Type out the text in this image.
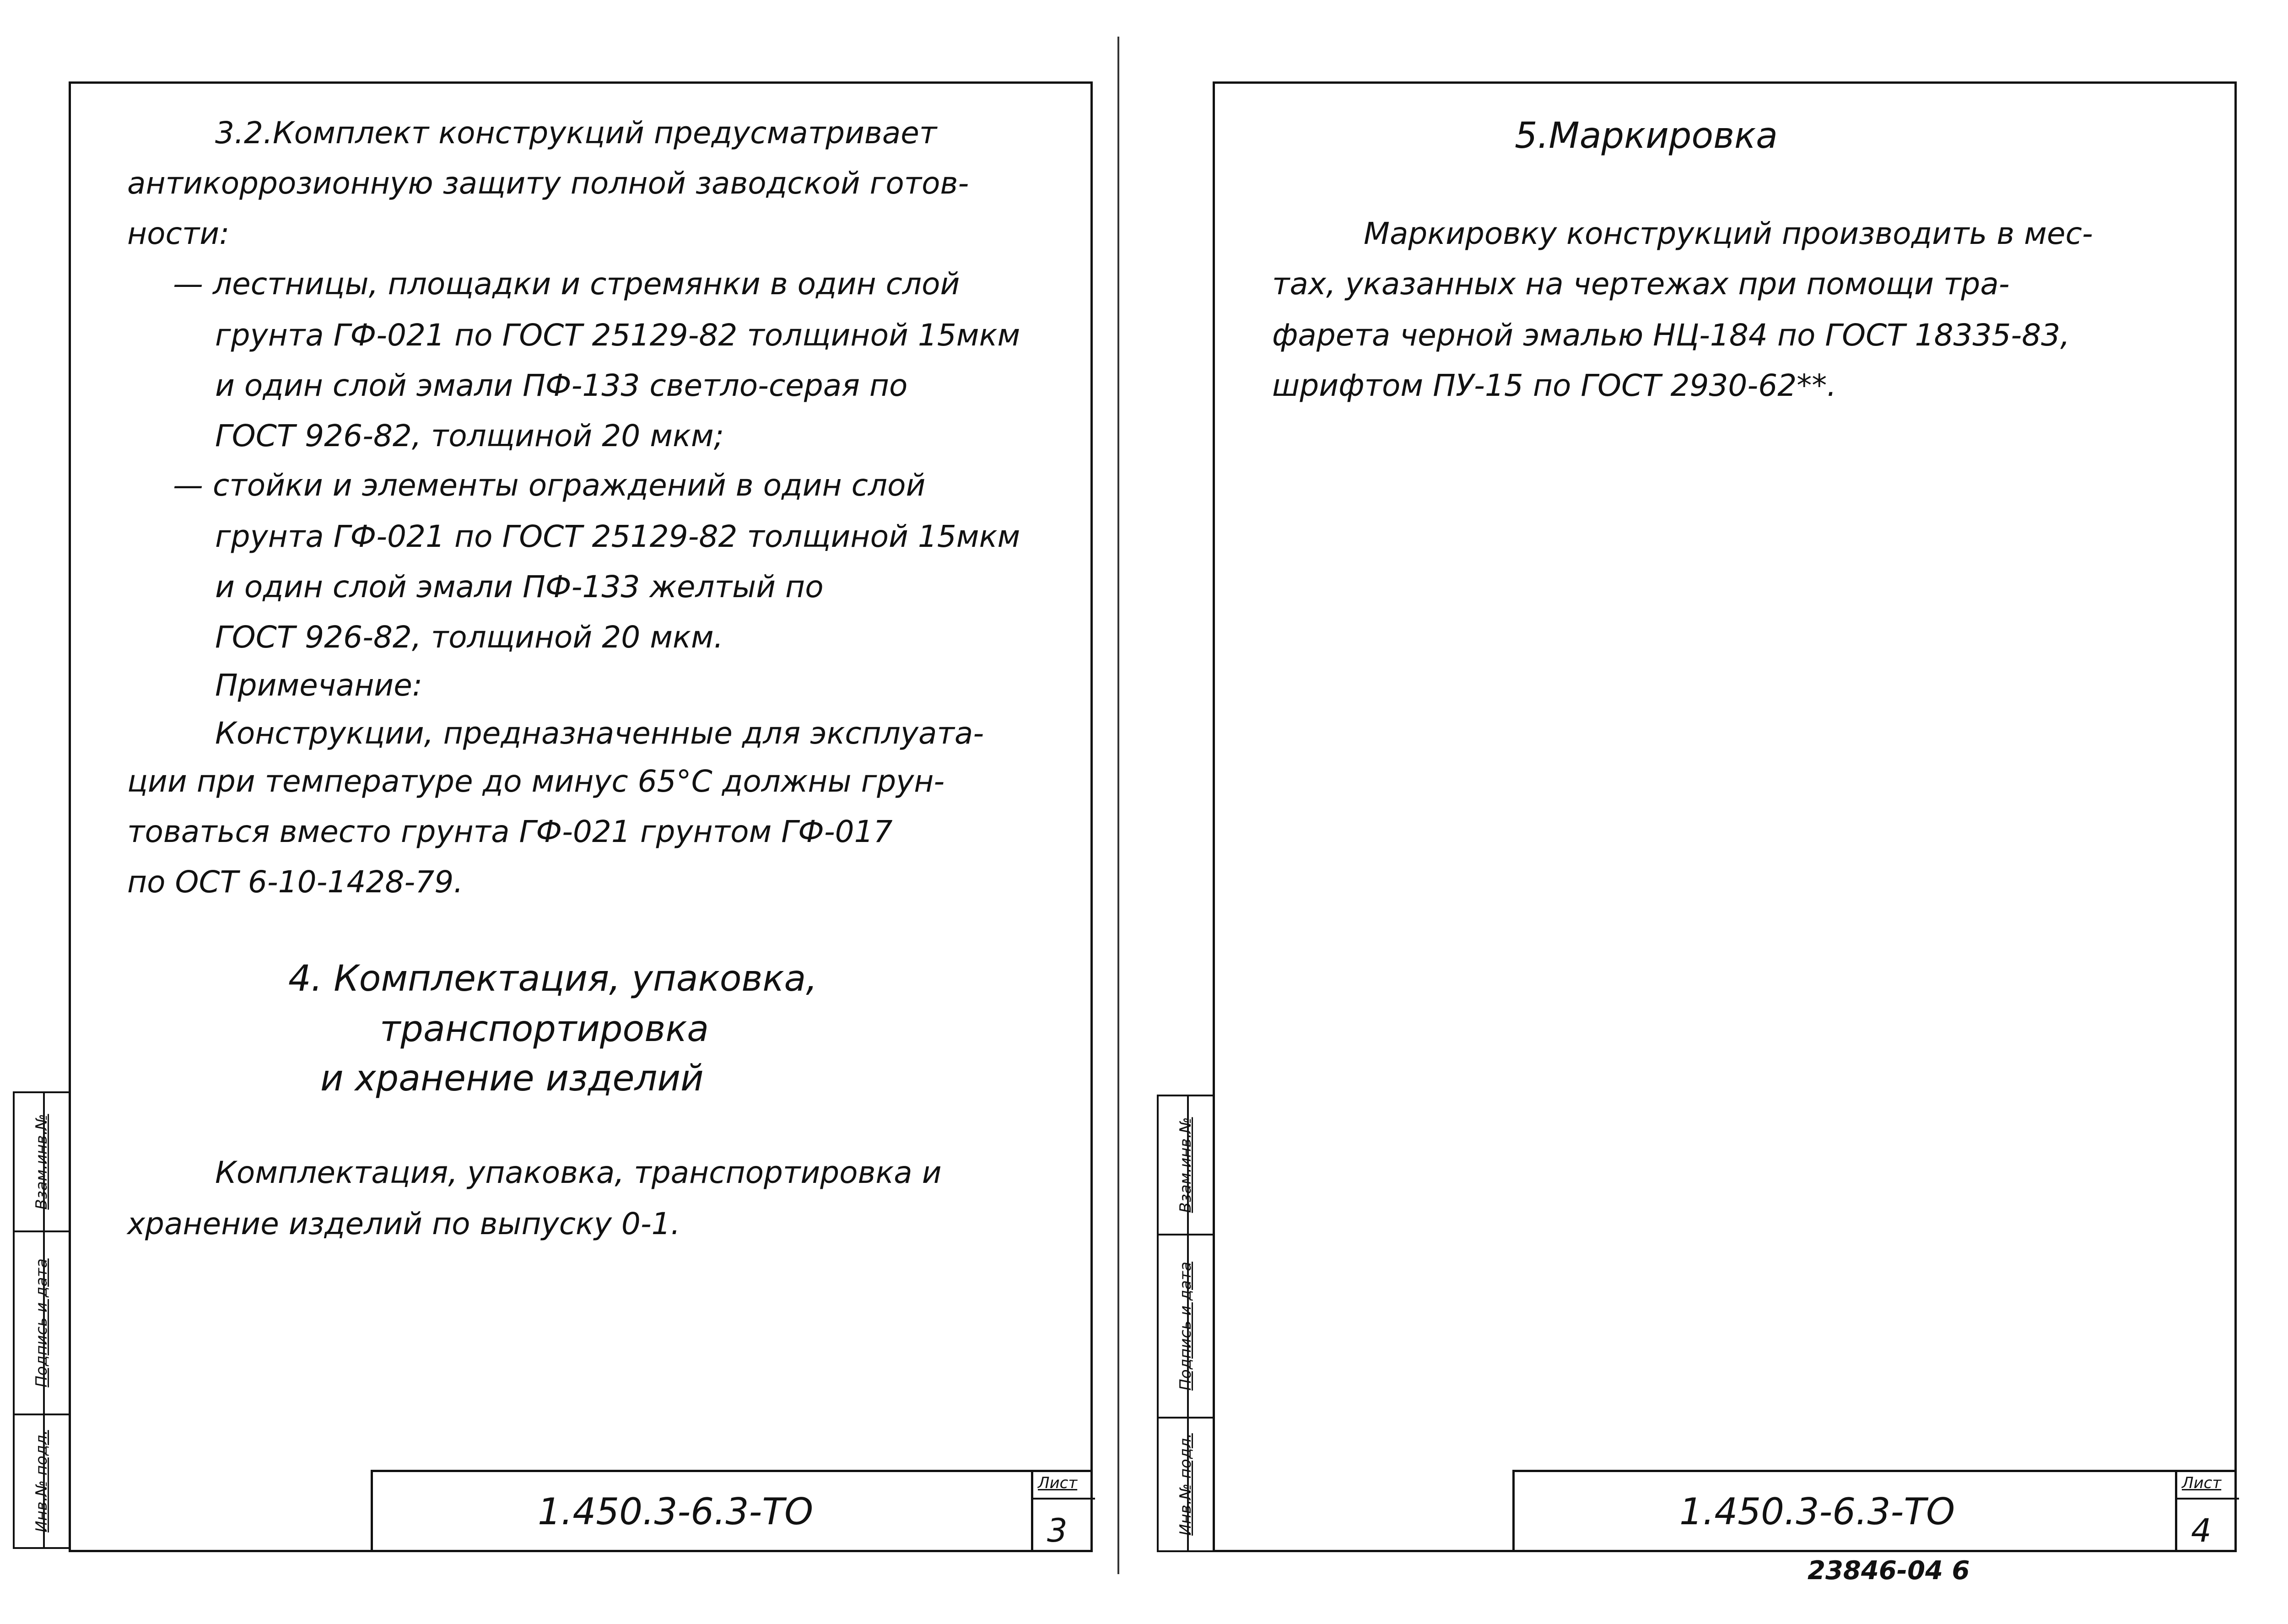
3.2.Комплект конструкций предусматривает
антикоррозионную защиту полной заводской готов-
ности:
— лестницы, площадки и стремянки в один слой
грунта ГФ-021 по ГОСТ 25129-82 толщиной 15мкм
и один слой эмали ПФ-133 светло-серая по
ГОСТ 926-82, толщиной 20 мкм;
— стойки и элементы ограждений в один слой
грунта ГФ-021 по ГОСТ 25129-82 толщиной 15мкм
и один слой эмали ПФ-133 желтый по
ГОСТ 926-82, толщиной 20 мкм.
Примечание:
Конструкции, предназначенные для эксплуата-
ции при температуре до минус 65°С должны грун-
товаться вместо грунта ГФ-021 грунтом ГФ-017
по ОСТ 6-10-1428-79.
4. Комплектация, упаковка,
транспортировка
и хранение изделий
Комплектация, упаковка, транспортировка и
хранение изделий по выпуску 0-1.
Взам.инв.№
Подпись и дата
Инв.№ подл.	1.450.3-6.3-ТО
Лист
3
5.Маркировка
Маркировку конструкций производить в мес-
тах, указанных на чертежах при помощи тра-
фарета черной эмалью НЦ-184 по ГОСТ 18335-83,
шрифтом ПУ-15 по ГОСТ 2930-62**.
Взам.инв.№
Подпись и дата
Инв.№ подл.	1.450.3-6.3-ТО
Лист
4
23846-04 6
